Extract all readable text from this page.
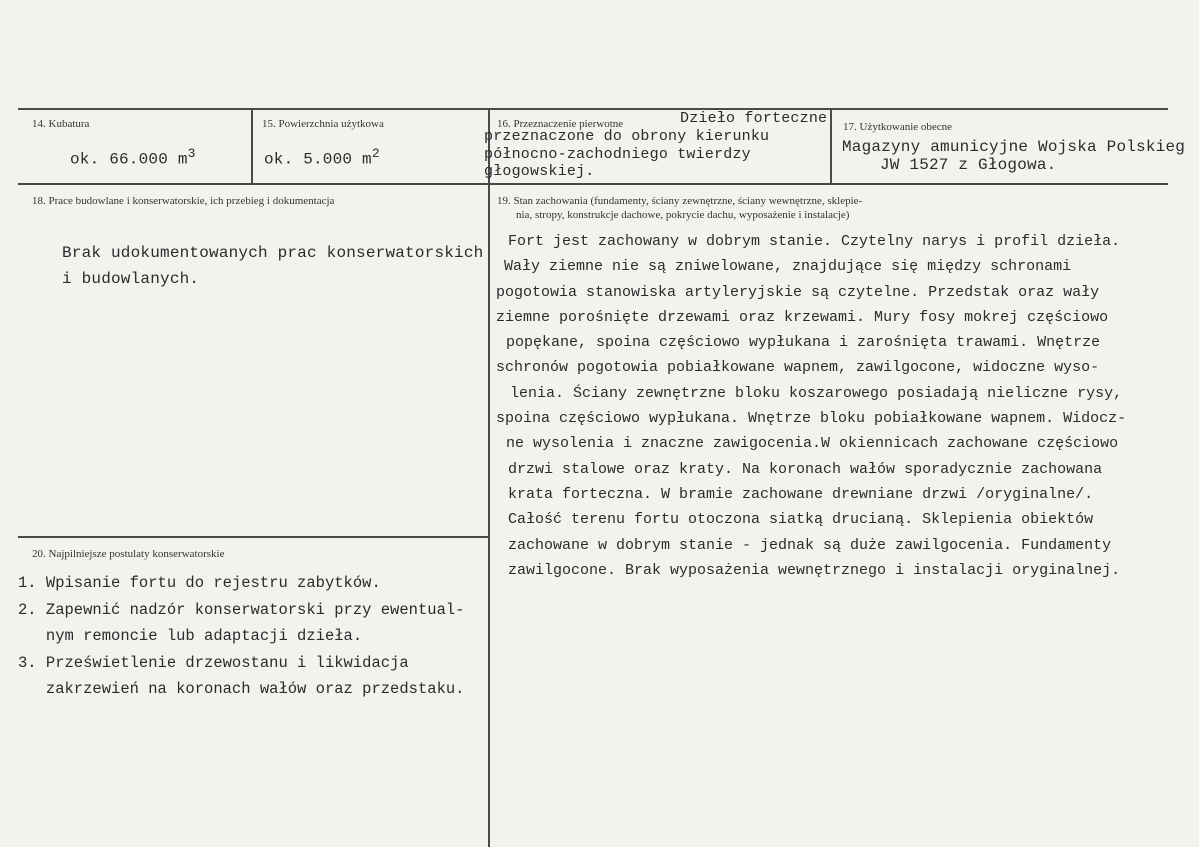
14. Kubatura
ok. 66.000 $m^3$
15. Powierzchnia użytkowa
ok. 5.000 $m^2$
16. Przeznaczenie pierwotne	Dzieło forteczne
przeznaczone do obrony kierunku
północno-zachodniego twierdzy
głogowskiej.
17. Użytkowanie obecne
Magazyny amunicyjne Wojska Polskieg
JW 1527 z Głogowa.
18. Prace budowlane i konserwatorskie, ich przebieg i dokumentacja
Brak udokumentowanych prac konserwatorskich
i budowlanych.
19. Stan zachowania (fundamenty, ściany zewnętrzne, ściany wewnętrzne, sklepie-
nia, stropy, konstrukcje dachowe, pokrycie dachu, wyposażenie i instalacje)
Fort jest zachowany w dobrym stanie. Czytelny narys i profil dzieła.
Wały ziemne nie są zniwelowane, znajdujące się między schronami
pogotowia stanowiska artyleryjskie są czytelne. Przedstak oraz wały
ziemne porośnięte drzewami oraz krzewami. Mury fosy mokrej częściowo
popękane, spoina częściowo wypłukana i zarośnięta trawami. Wnętrze
schronów pogotowia pobiałkowane wapnem, zawilgocone, widoczne wyso-
lenia. Ściany zewnętrzne bloku koszarowego posiadają nieliczne rysy,
spoina częściowo wypłukana. Wnętrze bloku pobiałkowane wapnem. Widocz-
ne wysolenia i znaczne zawigocenia.W okiennicach zachowane częściowo
drzwi stalowe oraz kraty. Na koronach wałów sporadycznie zachowana
krata forteczna. W bramie zachowane drewniane drzwi /oryginalne/.
Całość terenu fortu otoczona siatką drucianą. Sklepienia obiektów
zachowane w dobrym stanie - jednak są duże zawilgocenia. Fundamenty
zawilgocone. Brak wyposażenia wewnętrznego i instalacji oryginalnej.
20. Najpilniejsze postulaty konserwatorskie
1. Wpisanie fortu do rejestru zabytków.
2. Zapewnić nadzór konserwatorski przy ewentual-
nym remoncie lub adaptacji dzieła.
3. Prześwietlenie drzewostanu i likwidacja
zakrzewień na koronach wałów oraz przedstaku.
